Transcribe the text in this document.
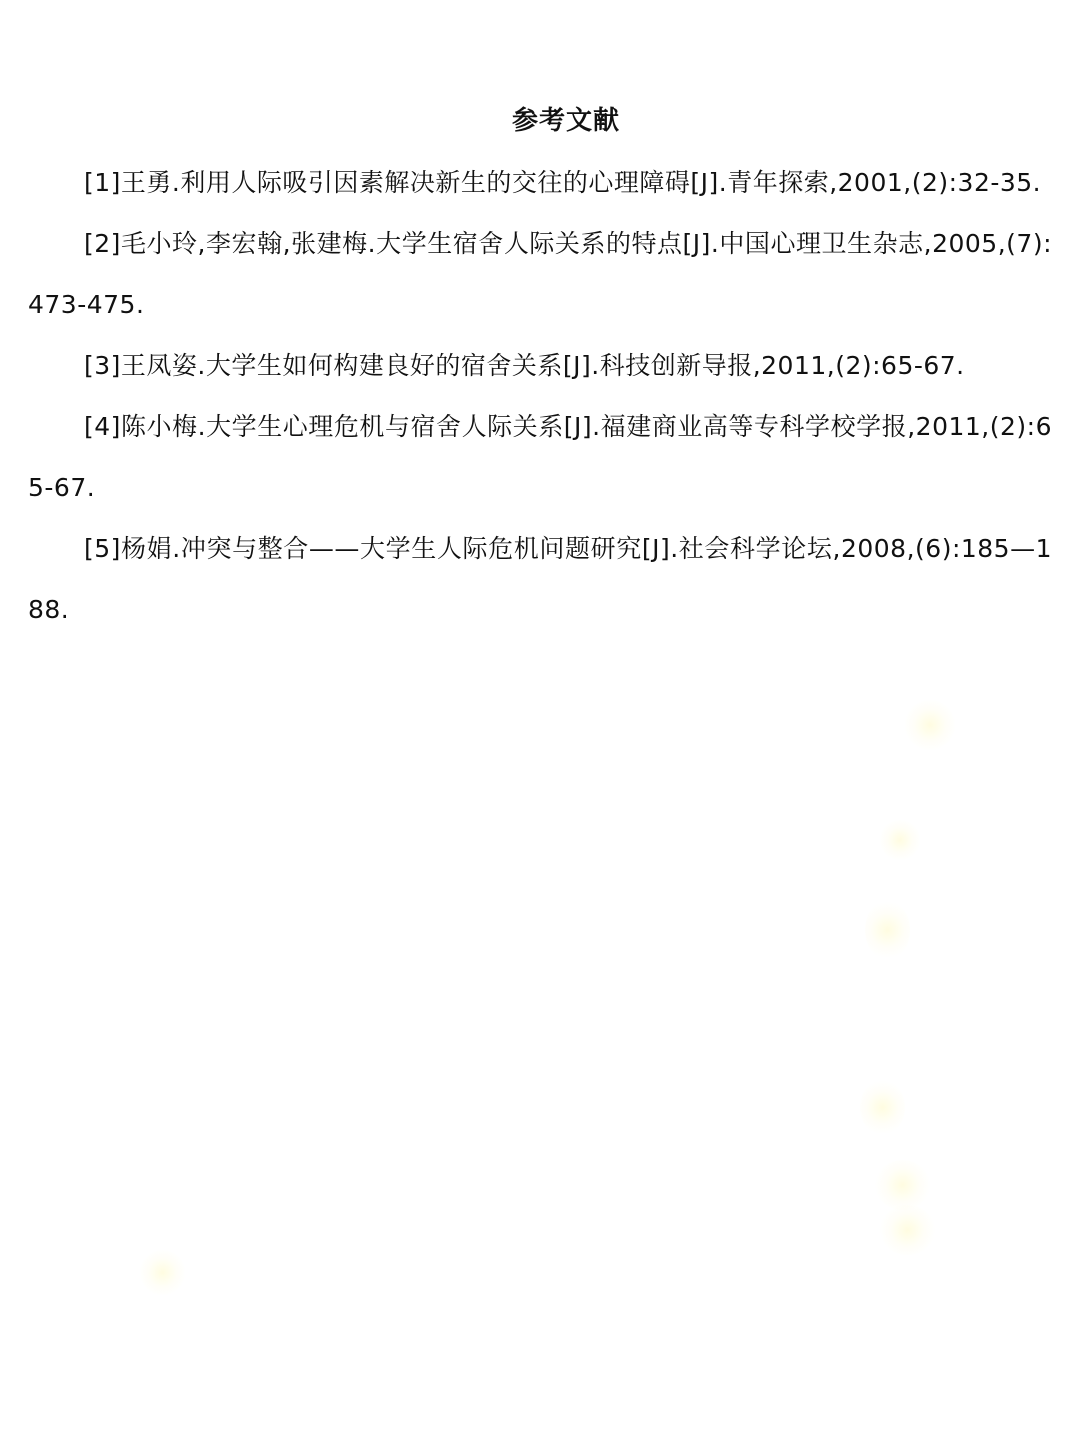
参考文献

[1]王勇.利用人际吸引因素解决新生的交往的心理障碍[J].青年探索,2001,(2):32-35.

[2]毛小玲,李宏翰,张建梅.大学生宿舍人际关系的特点[J].中国心理卫生杂志,2005,(7):473-475.

[3]王凤姿.大学生如何构建良好的宿舍关系[J].科技创新导报,2011,(2):65-67.

[4]陈小梅.大学生心理危机与宿舍人际关系[J].福建商业高等专科学校学报,2011,(2):65-67.

[5]杨娟.冲突与整合——大学生人际危机问题研究[J].社会科学论坛,2008,(6):185—188.
